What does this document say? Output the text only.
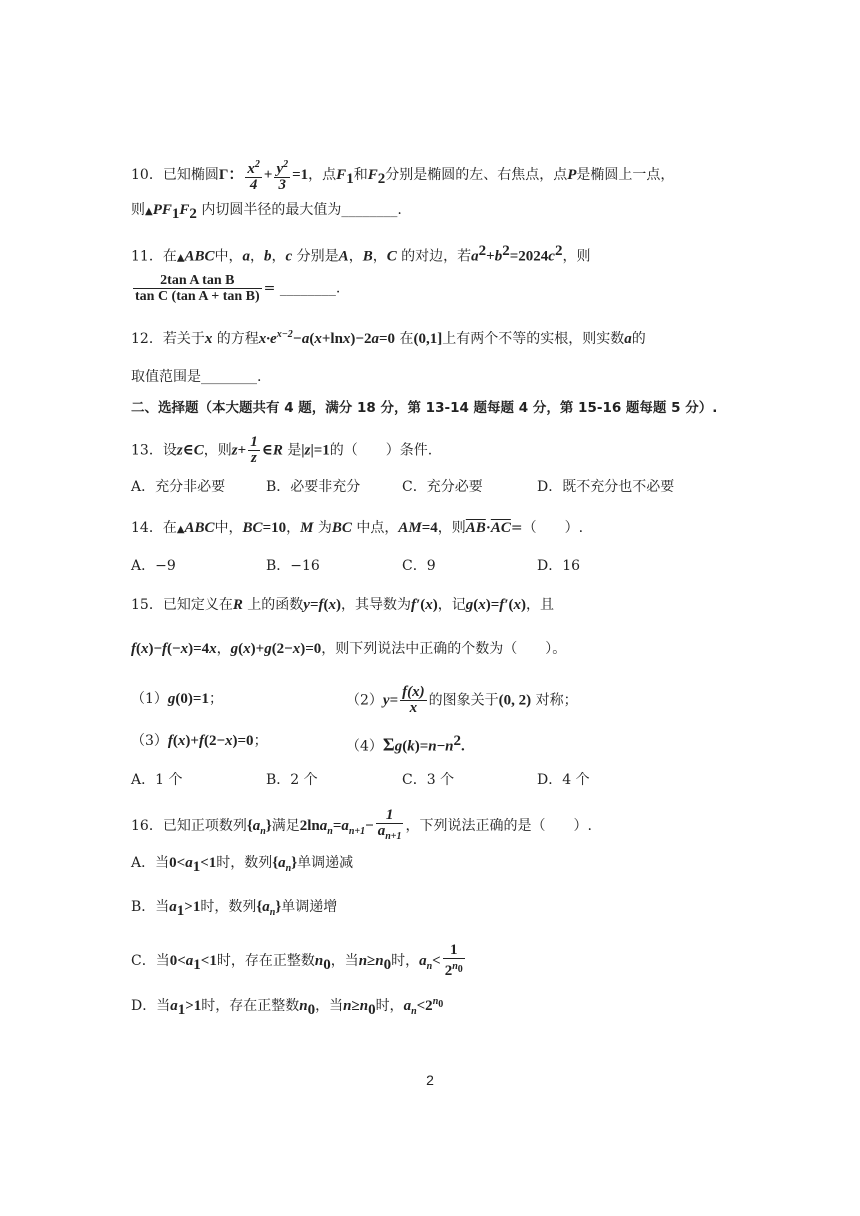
10．已知椭圆Γ： $\frac{x^2}{4} + \frac{y^2}{3} =1$，点$F_1$和$F_2$分别是椭圆的左、右焦点，点P是椭圆上一点，
则$▲PF_1F_2$ 内切圆半径的最大值为________.
11．在▲ABC中，a，b，c 分别是A，B，C 的对边，若$a^2+b^2=2024c^2$，则
$\frac{\text{2tan A tan B}}{\text{tan C (tan A + tan B)}}$ = ________.
12．若关于x 的方程$x\cdot e^{x-2}-a(x+\ln x)-2a=0$ 在(0,1]上有两个不等的实根，则实数a的
取值范围是________.
二、选择题（本大题共有 4 题，满分 18 分，第 13-14 题每题 4 分，第 15-16 题每题 5 分）.
13．设z∈C，则$z+ \frac{1}{z}$ ∈R 是|z|=1的（　　）条件.
A．充分非必要	B．必要非充分	C．充分必要	D．既不充分也不必要
14．在▲ABC中，BC=10，M 为BC 中点，AM=4，则$\overline{AB}\cdot\overline{AC}=$（　　）.
A．−9	B．−16	C．9	D．16
15．已知定义在R 上的函数y=f(x)，其导数为f′(x)，记g(x)=f′(x)，且
f(x)−f(−x)=4x，g(x)+g(2−x)=0，则下列说法中正确的个数为（　　）。
（1）g(0)=1；	$(2)y= \frac{f(x)}{x}$ 的图象关于(0, 2) 对称；
（3）f(x)+f(2−x)=0；	$(4)\Sigma g(k)=n-n^2$.
A．1 个	B．2 个	C．3 个	D．4 个
16．已知正项数列$\{a_n\}$满足$2\ln a_n=a_{n+1}- \frac{1}{a_{n+1}}$ ，下列说法正确的是（　　）.
A．当$0<a_1<1$时，数列$\{a_n\}$单调递减
B．当$a_1>1$时，数列$\{a_n\}$单调递增
C．当$0<a_1<1$时，存在正整数$n_0$，当$n\ge n_0$时，$a_n< \frac{1}{2^{n_0}}$
D．当$a_1>1$时，存在正整数$n_0$，当$n\ge n_0$时，$a_n<2^{n_0}$
2
